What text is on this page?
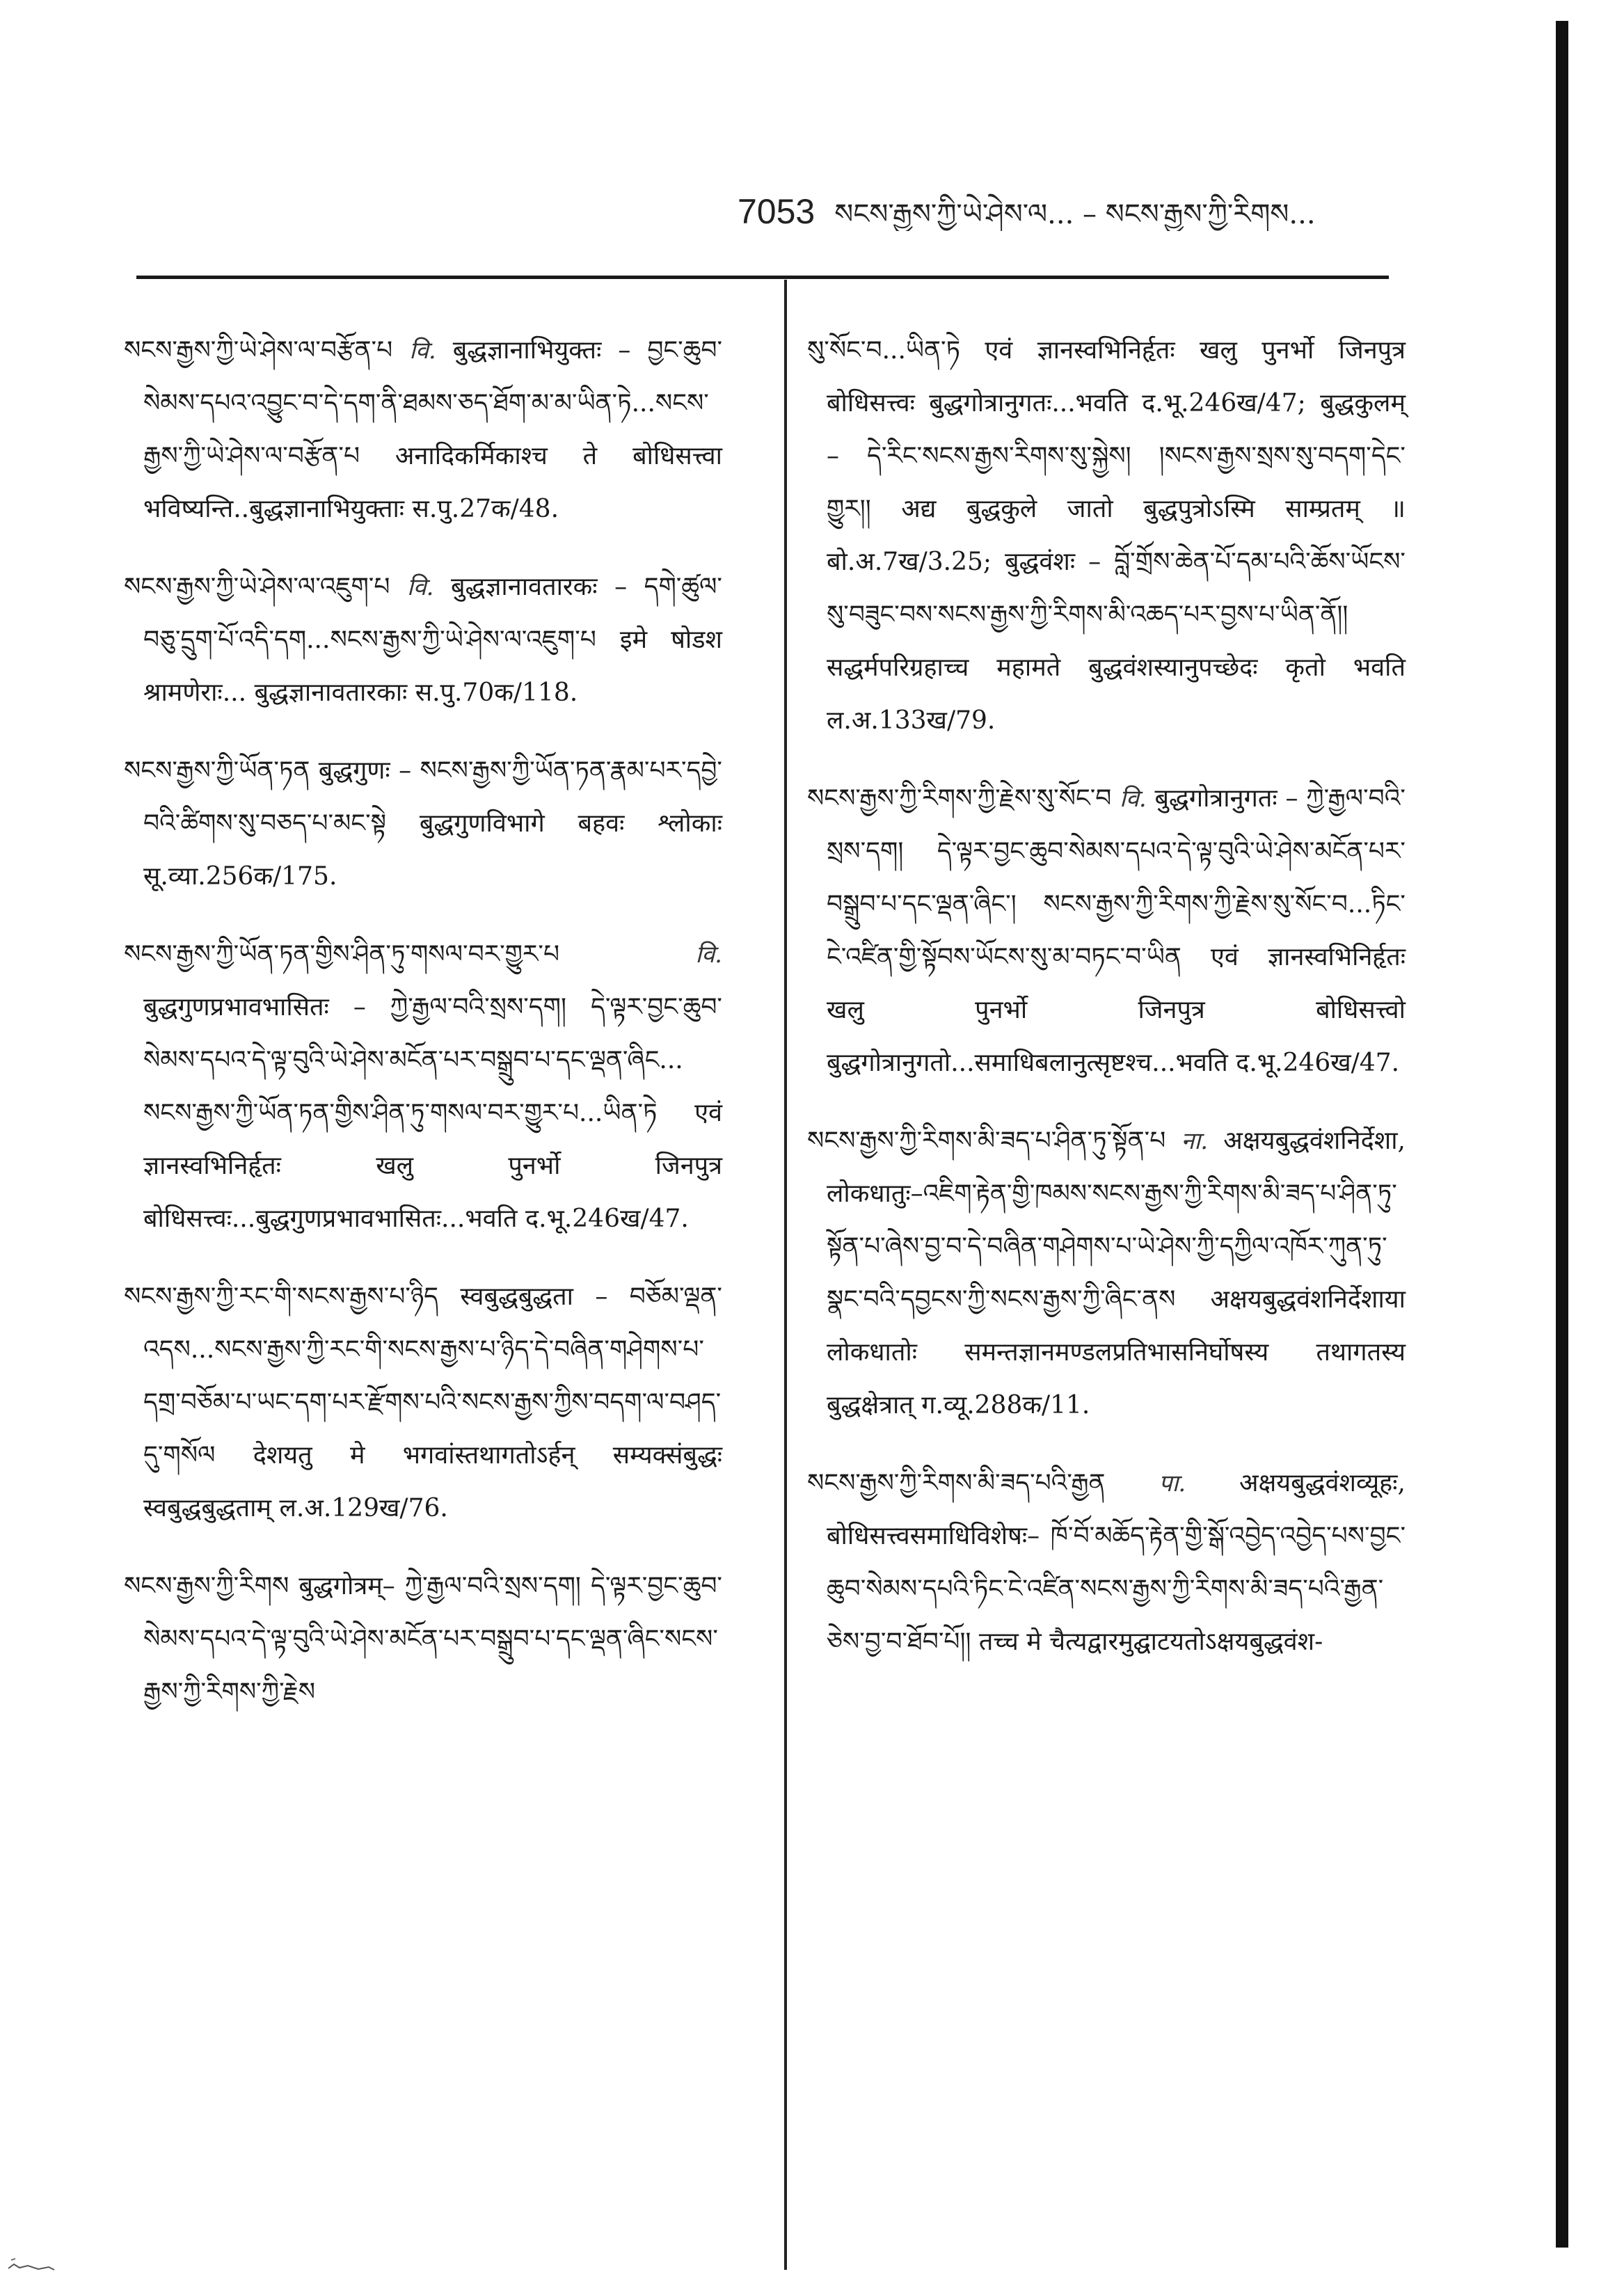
7053 སངས་རྒྱས་ཀྱི་ཡེ་ཤེས་ལ... – སངས་རྒྱས་ཀྱི་རིགས...

སངས་རྒྱས་ཀྱི་ཡེ་ཤེས་ལ་བརྩོན་པ वि. बुद्धज्ञानाभियुक्तः – བྱང་ཆུབ་སེམས་དཔའ་འབྱུང་བ་དེ་དག་ནི་ཐམས་ཅད་ཐོག་མ་མ་ཡིན་ཏེ...སངས་རྒྱས་ཀྱི་ཡེ་ཤེས་ལ་བརྩོན་པ अनादिकर्मिकाश्च ते बोधिसत्त्वा भविष्यन्ति..बुद्धज्ञानाभियुक्ताः स.पु.27क/48.

སངས་རྒྱས་ཀྱི་ཡེ་ཤེས་ལ་འཇུག་པ वि. बुद्धज्ञानावतारकः – དགེ་ཚུལ་བཅུ་དྲུག་པོ་འདི་དག...སངས་རྒྱས་ཀྱི་ཡེ་ཤེས་ལ་འཇུག་པ इमे षोडश श्रामणेराः... बुद्धज्ञानावतारकाः स.पु.70क/118.

སངས་རྒྱས་ཀྱི་ཡོན་ཏན बुद्धगुणः – སངས་རྒྱས་ཀྱི་ཡོན་ཏན་རྣམ་པར་དབྱེ་བའི་ཚིགས་སུ་བཅད་པ་མང་སྟེ बुद्धगुणविभागे बहवः श्लोकाः सू.व्या.256क/175.

སངས་རྒྱས་ཀྱི་ཡོན་ཏན་གྱིས་ཤིན་ཏུ་གསལ་བར་གྱུར་པ	वि. बुद्धगुणप्रभावभासितः – ཀྱེ་རྒྱལ་བའི་སྲས་དག། དེ་ལྟར་བྱང་ཆུབ་སེམས་དཔའ་དེ་ལྟ་བུའི་ཡེ་ཤེས་མངོན་པར་བསྒྲུབ་པ་དང་ལྡན་ཞིང... སངས་རྒྱས་ཀྱི་ཡོན་ཏན་གྱིས་ཤིན་ཏུ་གསལ་བར་གྱུར་པ...ཡིན་ཏེ एवं ज्ञानस्वभिनिर्हृतः खलु पुनर्भो जिनपुत्र बोधिसत्त्वः...बुद्धगुणप्रभावभासितः...भवति द.भू.246ख/47.

སངས་རྒྱས་ཀྱི་རང་གི་སངས་རྒྱས་པ་ཉིད स्वबुद्धबुद्धता – བཅོམ་ལྡན་འདས...སངས་རྒྱས་ཀྱི་རང་གི་སངས་རྒྱས་པ་ཉིད་དེ་བཞིན་གཤེགས་པ་དགྲ་བཅོམ་པ་ཡང་དག་པར་རྫོགས་པའི་སངས་རྒྱས་ཀྱིས་བདག་ལ་བཤད་དུ་གསོལ देशयतु मे भगवांस्तथागतोऽर्हन् सम्यक्संबुद्धः स्वबुद्धबुद्धताम् ल.अ.129ख/76.

སངས་རྒྱས་ཀྱི་རིགས बुद्धगोत्रम्– ཀྱེ་རྒྱལ་བའི་སྲས་དག། དེ་ལྟར་བྱང་ཆུབ་སེམས་དཔའ་དེ་ལྟ་བུའི་ཡེ་ཤེས་མངོན་པར་བསྒྲུབ་པ་དང་ལྡན་ཞིང་སངས་རྒྱས་ཀྱི་རིགས་ཀྱི་རྗེས

སུ་སོང་བ...ཡིན་ཏེ एवं ज्ञानस्वभिनिर्हृतः खलु पुनर्भो जिनपुत्र बोधिसत्त्वः बुद्धगोत्रानुगतः...भवति द.भू.246ख/47; बुद्धकुलम् – དེ་རིང་སངས་རྒྱས་རིགས་སུ་སྐྱེས། །སངས་རྒྱས་སྲས་སུ་བདག་དེང་གྱུར།། अद्य बुद्धकुले जातो बुद्धपुत्रोऽस्मि साम्प्रतम् ॥ बो.अ.7ख/3.25; बुद्धवंशः – བློ་གྲོས་ཆེན་པོ་དམ་པའི་ཆོས་ཡོངས་སུ་བཟུང་བས་སངས་རྒྱས་ཀྱི་རིགས་མི་འཆད་པར་བྱས་པ་ཡིན་ནོ།། सद्धर्मपरिग्रहाच्च महामते बुद्धवंशस्यानुपच्छेदः कृतो भवति ल.अ.133ख/79.

སངས་རྒྱས་ཀྱི་རིགས་ཀྱི་རྗེས་སུ་སོང་བ वि. बुद्धगोत्रानुगतः – ཀྱེ་རྒྱལ་བའི་སྲས་དག། དེ་ལྟར་བྱང་ཆུབ་སེམས་དཔའ་དེ་ལྟ་བུའི་ཡེ་ཤེས་མངོན་པར་བསྒྲུབ་པ་དང་ལྡན་ཞིང་། སངས་རྒྱས་ཀྱི་རིགས་ཀྱི་རྗེས་སུ་སོང་བ...ཏིང་ངེ་འཛིན་གྱི་སྟོབས་ཡོངས་སུ་མ་བཏང་བ་ཡིན एवं ज्ञानस्वभिनिर्हृतः खलु पुनर्भो जिनपुत्र बोधिसत्त्वो बुद्धगोत्रानुगतो...समाधिबलानुत्सृष्टश्च...भवति द.भू.246ख/47.

སངས་རྒྱས་ཀྱི་རིགས་མི་ཟད་པ་ཤིན་ཏུ་སྟོན་པ ना. अक्षयबुद्धवंशनिर्देशा, लोकधातुः–འཇིག་རྟེན་གྱི་ཁམས་སངས་རྒྱས་ཀྱི་རིགས་མི་ཟད་པ་ཤིན་ཏུ་སྟོན་པ་ཞེས་བྱ་བ་དེ་བཞིན་གཤེགས་པ་ཡེ་ཤེས་ཀྱི་དཀྱིལ་འཁོར་ཀུན་ཏུ་སྣང་བའི་དབྱངས་ཀྱི་སངས་རྒྱས་ཀྱི་ཞིང་ནས अक्षयबुद्धवंशनिर्देशाया लोकधातोः समन्तज्ञानमण्डलप्रतिभासनिर्घोषस्य तथागतस्य बुद्धक्षेत्रात् ग.व्यू.288क/11.

སངས་རྒྱས་ཀྱི་རིགས་མི་ཟད་པའི་རྒྱན पा. अक्षयबुद्धवंशव्यूहः, बोधिसत्त्वसमाधिविशेषः– ཁོ་བོ་མཆོད་རྟེན་གྱི་སྒོ་འབྱེད་འབྱེད་པས་བྱང་ཆུབ་སེམས་དཔའི་ཏིང་ངེ་འཛིན་སངས་རྒྱས་ཀྱི་རིགས་མི་ཟད་པའི་རྒྱན་ཅེས་བྱ་བ་ཐོབ་པོ།། तच्च मे चैत्यद्वारमुद्घाटयतोऽक्षयबुद्धवंश-
